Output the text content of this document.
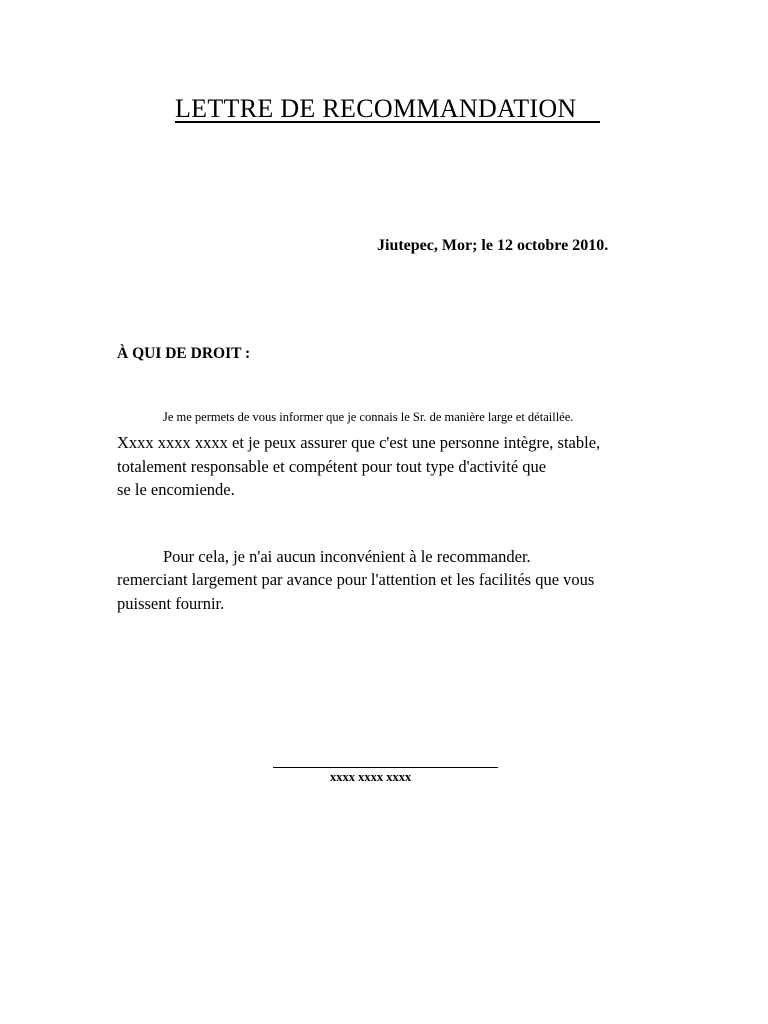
LETTRE DE RECOMMANDATION
Jiutepec, Mor; le 12 octobre 2010.
À QUI DE DROIT :
Je me permets de vous informer que je connais le Sr. de manière large et détaillée.
Xxxx xxxx xxxx et je peux assurer que c'est une personne intègre, stable,
totalement responsable et compétent pour tout type d'activité que
se le encomiende.
Pour cela, je n'ai aucun inconvénient à le recommander.
remerciant largement par avance pour l'attention et les facilités que vous
puissent fournir.
xxxx xxxx xxxx
